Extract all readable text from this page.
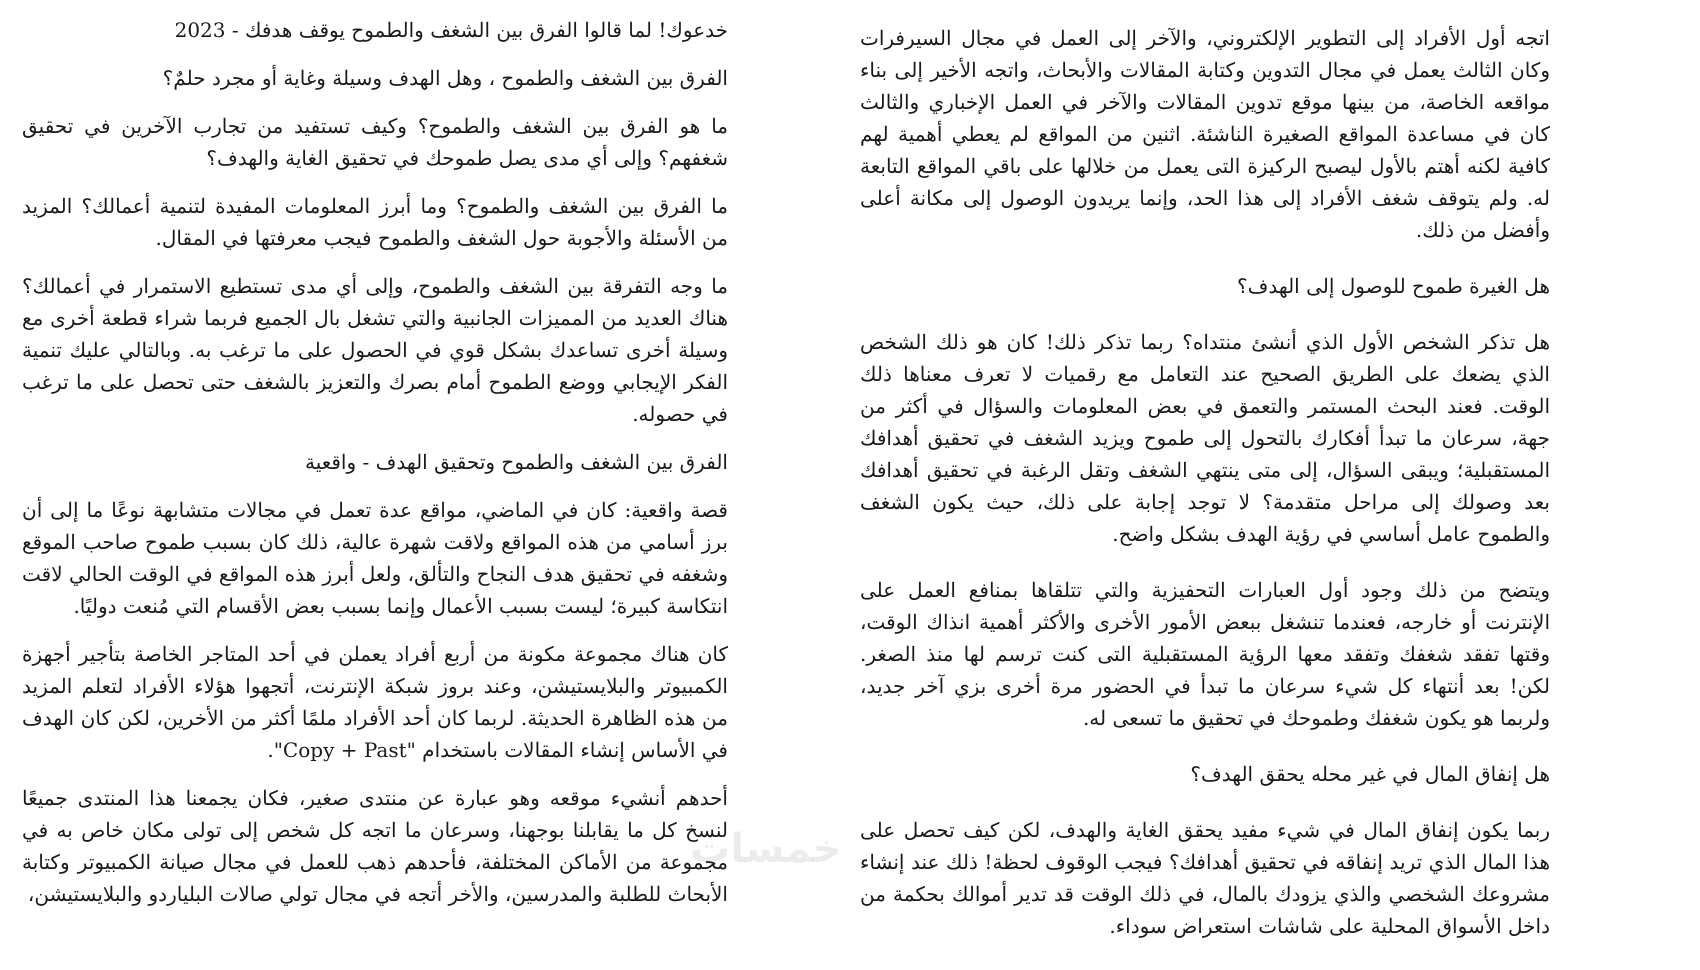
خدعوك! لما قالوا الفرق بين الشغف والطموح يوقف هدفك - 2023

الفرق بين الشغف والطموح ، وهل الهدف وسيلة وغاية أو مجرد حلمٌ؟

ما هو الفرق بين الشغف والطموح؟ وكيف تستفيد من تجارب الآخرين في تحقيق شغفهم؟ وإلى أي مدى يصل طموحك في تحقيق الغاية والهدف؟

ما الفرق بين الشغف والطموح؟ وما أبرز المعلومات المفيدة لتنمية أعمالك؟ المزيد من الأسئلة والأجوبة حول الشغف والطموح فيجب معرفتها في المقال.

ما وجه التفرقة بين الشغف والطموح، وإلى أي مدى تستطيع الاستمرار في أعمالك؟ هناك العديد من المميزات الجانبية والتي تشغل بال الجميع فربما شراء قطعة أخرى مع وسيلة أخرى تساعدك بشكل قوي في الحصول على ما ترغب به. وبالتالي عليك تنمية الفكر الإيجابي ووضع الطموح أمام بصرك والتعزيز بالشغف حتى تحصل على ما ترغب في حصوله.

الفرق بين الشغف والطموح وتحقيق الهدف - واقعية

قصة واقعية: كان في الماضي، مواقع عدة تعمل في مجالات متشابهة نوعًا ما إلى أن برز أسامي من هذه المواقع ولاقت شهرة عالية، ذلك كان بسبب طموح صاحب الموقع وشغفه في تحقيق هدف النجاح والتألق، ولعل أبرز هذه المواقع في الوقت الحالي لاقت انتكاسة كبيرة؛ ليست بسبب الأعمال وإنما بسبب بعض الأقسام التي مُنعت دوليًا.

كان هناك مجموعة مكونة من أربع أفراد يعملن في أحد المتاجر الخاصة بتأجير أجهزة الكمبيوتر والبلايستيشن، وعند بروز شبكة الإنترنت، أتجهوا هؤلاء الأفراد لتعلم المزيد من هذه الظاهرة الحديثة. لربما كان أحد الأفراد ملمًا أكثر من الأخرين، لكن كان الهدف في الأساس إنشاء المقالات باستخدام "Copy + Past".

أحدهم أنشيء موقعه وهو عبارة عن منتدى صغير، فكان يجمعنا هذا المنتدى جميعًا لنسخ كل ما يقابلنا بوجهنا، وسرعان ما اتجه كل شخص إلى تولى مكان خاص به في مجموعة من الأماكن المختلفة، فأحدهم ذهب للعمل في مجال صيانة الكمبيوتر وكتابة الأبحاث للطلبة والمدرسين، والأخر أتجه في مجال تولي صالات البلياردو والبلايستيشن،

اتجه أول الأفراد إلى التطوير الإلكتروني، والآخر إلى العمل في مجال السيرفرات وكان الثالث يعمل في مجال التدوين وكتابة المقالات والأبحاث، واتجه الأخير إلى بناء مواقعه الخاصة، من بينها موقع تدوين المقالات والآخر في العمل الإخباري والثالث كان في مساعدة المواقع الصغيرة الناشئة. اثنين من المواقع لم يعطي أهمية لهم كافية لكنه أهتم بالأول ليصبح الركيزة التى يعمل من خلالها على باقي المواقع التابعة له. ولم يتوقف شغف الأفراد إلى هذا الحد، وإنما يريدون الوصول إلى مكانة أعلى وأفضل من ذلك.

هل الغيرة طموح للوصول إلى الهدف؟

هل تذكر الشخص الأول الذي أنشئ منتداه؟ ربما تذكر ذلك! كان هو ذلك الشخص الذي يضعك على الطريق الصحيح عند التعامل مع رقميات لا تعرف معناها ذلك الوقت. فعند البحث المستمر والتعمق في بعض المعلومات والسؤال في أكثر من جهة، سرعان ما تبدأ أفكارك بالتحول إلى طموح ويزيد الشغف في تحقيق أهدافك المستقبلية؛ ويبقى السؤال، إلى متى ينتهي الشغف وتقل الرغبة في تحقيق أهدافك بعد وصولك إلى مراحل متقدمة؟ لا توجد إجابة على ذلك، حيث يكون الشغف والطموح عامل أساسي في رؤية الهدف بشكل واضح.

ويتضح من ذلك وجود أول العبارات التحفيزية والتي تتلقاها بمنافع العمل على الإنترنت أو خارجه، فعندما تنشغل ببعض الأمور الأخرى والأكثر أهمية انذاك الوقت، وقتها تفقد شغفك وتفقد معها الرؤية المستقبلية التى كنت ترسم لها منذ الصغر. لكن! بعد أنتهاء كل شيء سرعان ما تبدأ في الحضور مرة أخرى بزي آخر جديد، ولربما هو يكون شغفك وطموحك في تحقيق ما تسعى له.

هل إنفاق المال في غير محله يحقق الهدف؟

ربما يكون إنفاق المال في شيء مفيد يحقق الغاية والهدف، لكن كيف تحصل على هذا المال الذي تريد إنفاقه في تحقيق أهدافك؟ فيجب الوقوف لحظة! ذلك عند إنشاء مشروعك الشخصي والذي يزودك بالمال، في ذلك الوقت قد تدير أموالك بحكمة من داخل الأسواق المحلية على شاشات استعراض سوداء.

خمسات
